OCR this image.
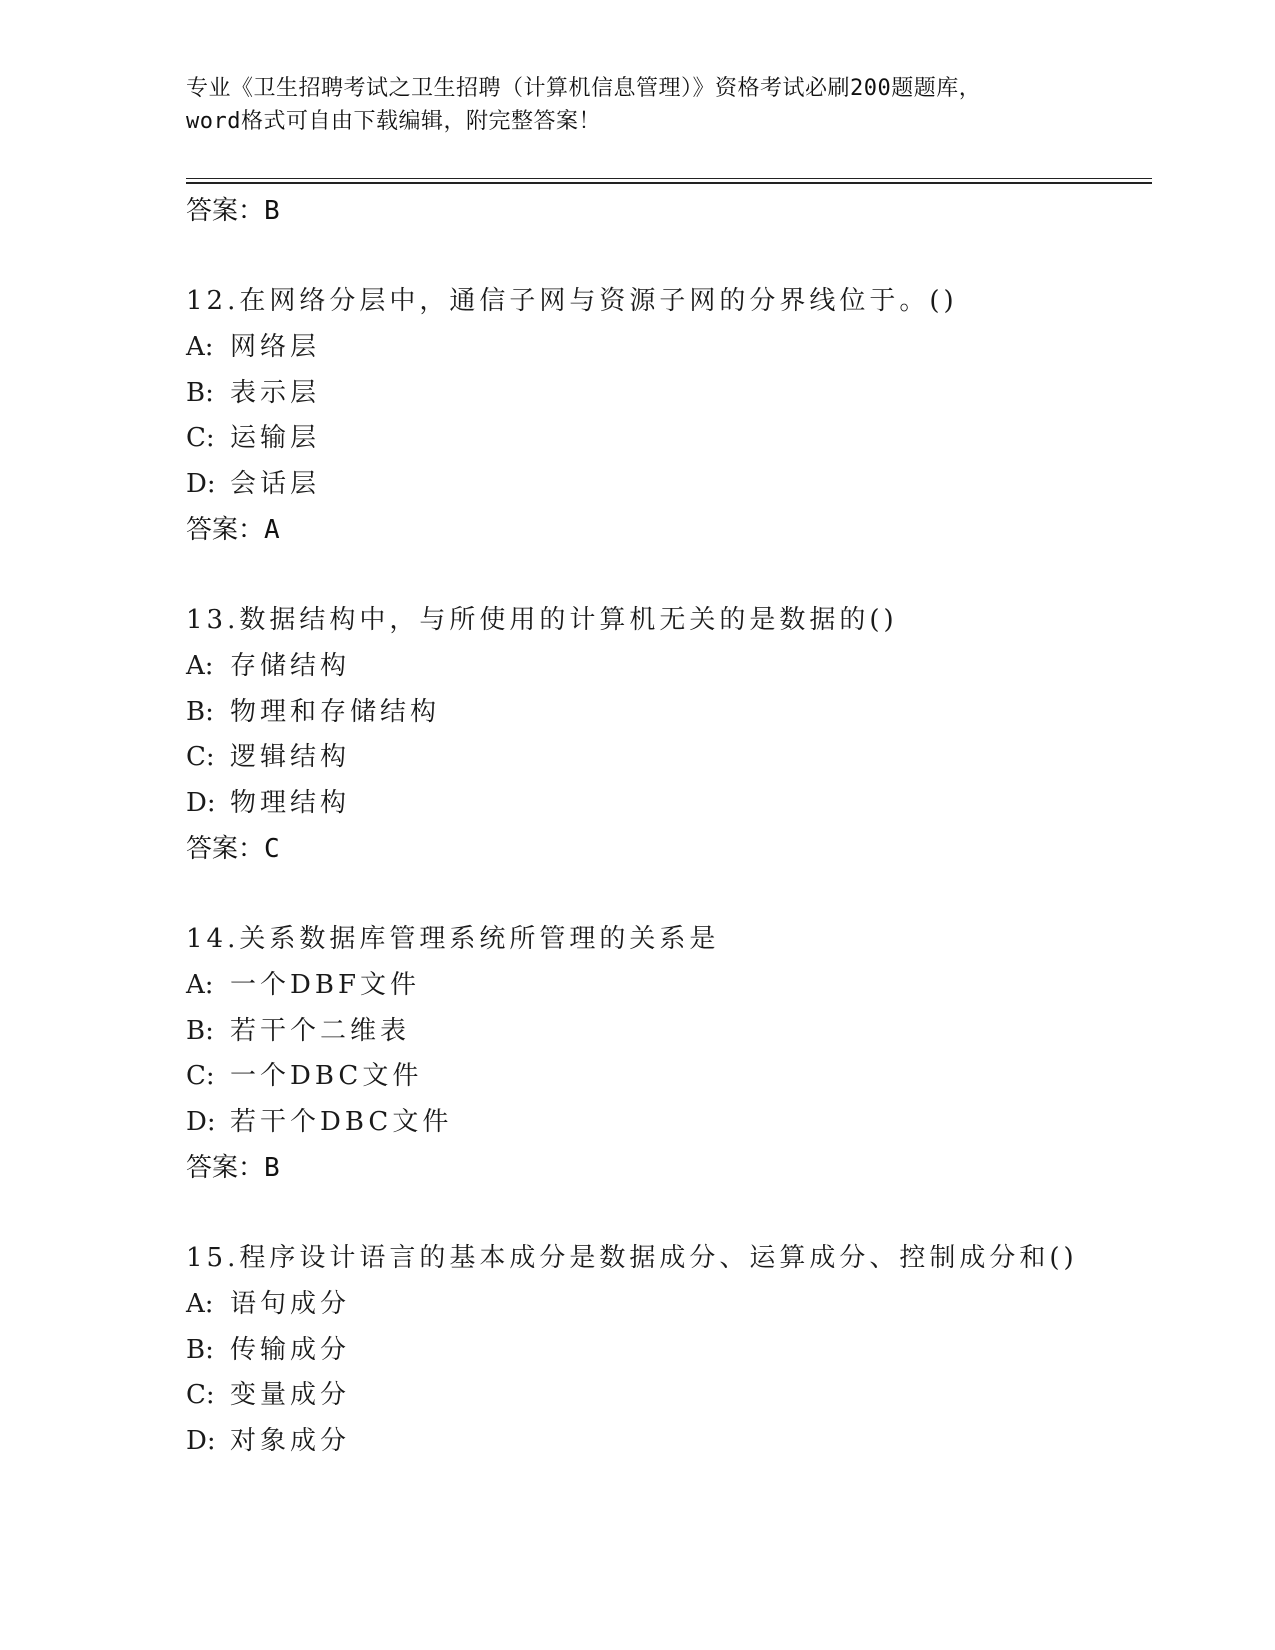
专业《卫生招聘考试之卫生招聘（计算机信息管理）》资格考试必刷200题题库，
word格式可自由下载编辑，附完整答案！
答案：B
12.在网络分层中，通信子网与资源子网的分界线位于。()
A: 网络层
B: 表示层
C: 运输层
D: 会话层
答案：A
13.数据结构中，与所使用的计算机无关的是数据的()
A: 存储结构
B: 物理和存储结构
C: 逻辑结构
D: 物理结构
答案：C
14.关系数据库管理系统所管理的关系是
A: 一个DBF文件
B: 若干个二维表
C: 一个DBC文件
D: 若干个DBC文件
答案：B
15.程序设计语言的基本成分是数据成分、运算成分、控制成分和()
A: 语句成分
B: 传输成分
C: 变量成分
D: 对象成分
